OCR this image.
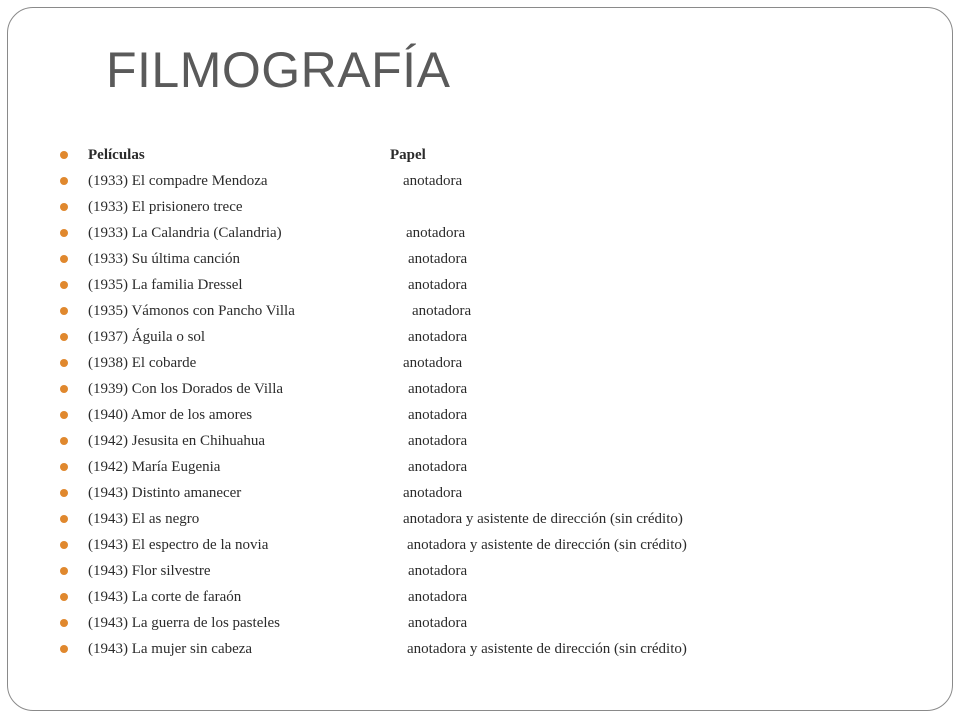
FILMOGRAFÍA
Películas	Papel
(1933) El compadre Mendoza	anotadora
(1933) El prisionero trece
(1933) La Calandria (Calandria)	anotadora
(1933) Su última canción	anotadora
(1935) La familia Dressel	anotadora
(1935) Vámonos con Pancho Villa	anotadora
(1937) Águila o sol	anotadora
(1938) El cobarde	anotadora
(1939) Con los Dorados de Villa	anotadora
(1940) Amor de los amores	anotadora
(1942) Jesusita en Chihuahua	anotadora
(1942) María Eugenia	anotadora
(1943) Distinto amanecer	anotadora
(1943) El as negro	anotadora y asistente de dirección (sin crédito)
(1943) El espectro de la novia	anotadora y asistente de dirección (sin crédito)
(1943) Flor silvestre	anotadora
(1943) La corte de faraón	anotadora
(1943) La guerra de los pasteles	anotadora
(1943) La mujer sin cabeza	anotadora y asistente de dirección (sin crédito)
